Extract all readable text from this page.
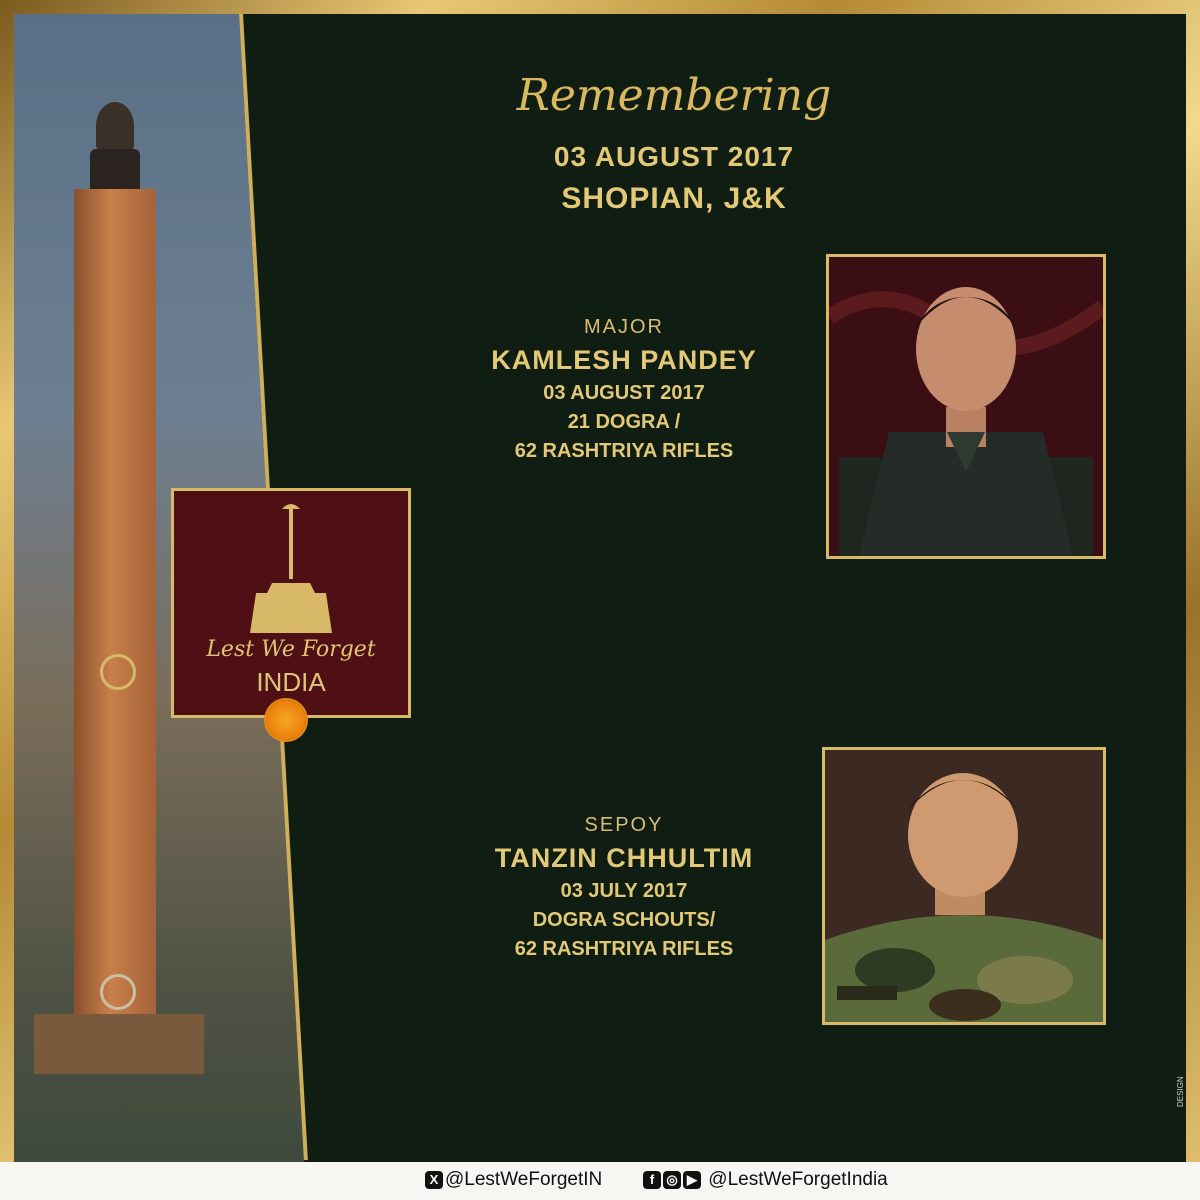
Remembering
03 AUGUST 2017
SHOPIAN, J&K
MAJOR
KAMLESH PANDEY
03 AUGUST 2017
21 DOGRA /
62 RASHTRIYA RIFLES
SEPOY
TANZIN CHHULTIM
03 JULY 2017
DOGRA SCHOUTS/
62 RASHTRIYA RIFLES
Lest We Forget
INDIA
DESIGN
LestWeForgetIndia
X @LestWeForgetIN	f ◎ ▶ @LestWeForgetIndia
